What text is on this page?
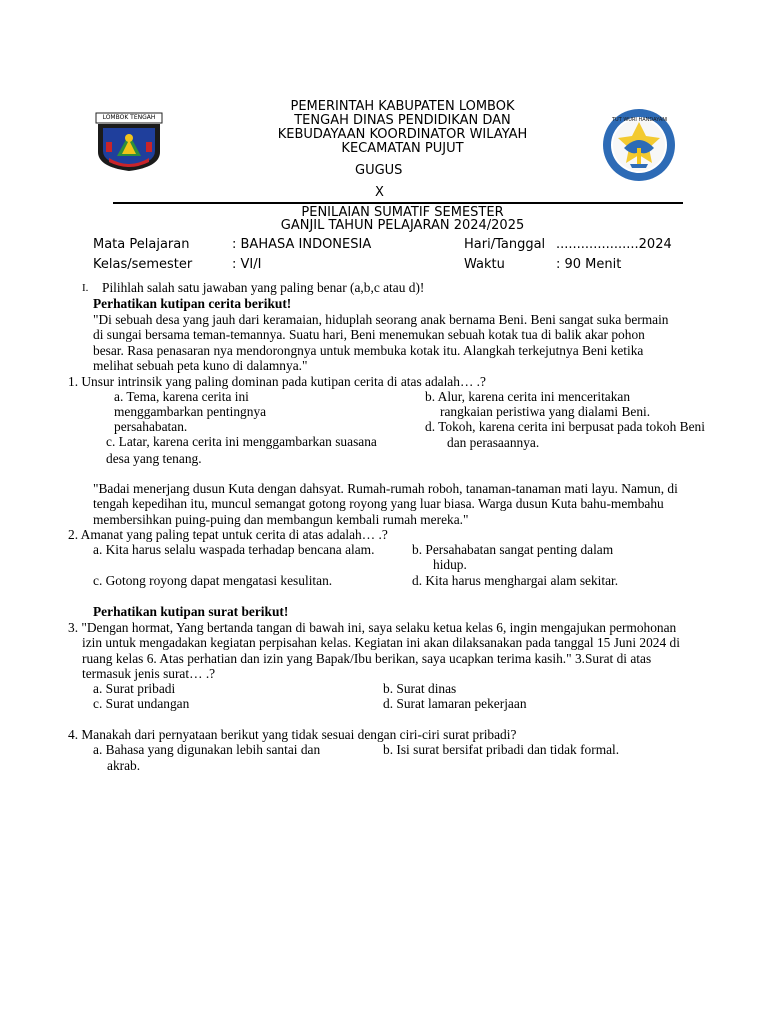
LOMBOK TENGAH	TUT WURI HANDAYANI
PEMERINTAH KABUPATEN LOMBOK
TENGAH DINAS PENDIDIKAN DAN
KEBUDAYAAN KOORDINATOR WILAYAH
KECAMATAN PUJUT
GUGUS
X
PENILAIAN SUMATIF SEMESTER
GANJIL TAHUN PELAJARAN 2024/2025
Mata Pelajaran	: BAHASA INDONESIA	Hari/Tanggal ....................2024
Kelas/semester	: VI/I	Waktu	: 90 Menit
I. Pilihlah salah satu jawaban yang paling benar (a,b,c atau d)!
Perhatikan kutipan cerita berikut!
"Di sebuah desa yang jauh dari keramaian, hiduplah seorang anak bernama Beni. Beni sangat suka bermain
di sungai bersama teman-temannya. Suatu hari, Beni menemukan sebuah kotak tua di balik akar pohon
besar. Rasa penasaran nya mendorongnya untuk membuka kotak itu. Alangkah terkejutnya Beni ketika
melihat sebuah peta kuno di dalamnya."
1. Unsur intrinsik yang paling dominan pada kutipan cerita di atas adalah… .?
a. Tema, karena cerita ini
menggambarkan pentingnya
persahabatan.
b. Alur, karena cerita ini menceritakan
rangkaian peristiwa yang dialami Beni.
c. Latar, karena cerita ini menggambarkan suasana
desa yang tenang.
d. Tokoh, karena cerita ini berpusat pada tokoh Beni
dan perasaannya.
"Badai menerjang dusun Kuta dengan dahsyat. Rumah-rumah roboh, tanaman-tanaman mati layu. Namun, di
tengah kepedihan itu, muncul semangat gotong royong yang luar biasa. Warga dusun Kuta bahu-membahu
membersihkan puing-puing dan membangun kembali rumah mereka."
2. Amanat yang paling tepat untuk cerita di atas adalah… .?
a. Kita harus selalu waspada terhadap bencana alam.	b. Persahabatan sangat penting dalam
hidup.
c. Gotong royong dapat mengatasi kesulitan.	d. Kita harus menghargai alam sekitar.
Perhatikan kutipan surat berikut!
3. "Dengan hormat, Yang bertanda tangan di bawah ini, saya selaku ketua kelas 6, ingin mengajukan permohonan
izin untuk mengadakan kegiatan perpisahan kelas. Kegiatan ini akan dilaksanakan pada tanggal 15 Juni 2024 di
ruang kelas 6. Atas perhatian dan izin yang Bapak/Ibu berikan, saya ucapkan terima kasih." 3.Surat di atas
termasuk jenis surat… .?
a. Surat pribadi	b. Surat dinas
c. Surat undangan	d. Surat lamaran pekerjaan
4. Manakah dari pernyataan berikut yang tidak sesuai dengan ciri-ciri surat pribadi?
a. Bahasa yang digunakan lebih santai dan
akrab.
b. Isi surat bersifat pribadi dan tidak formal.
